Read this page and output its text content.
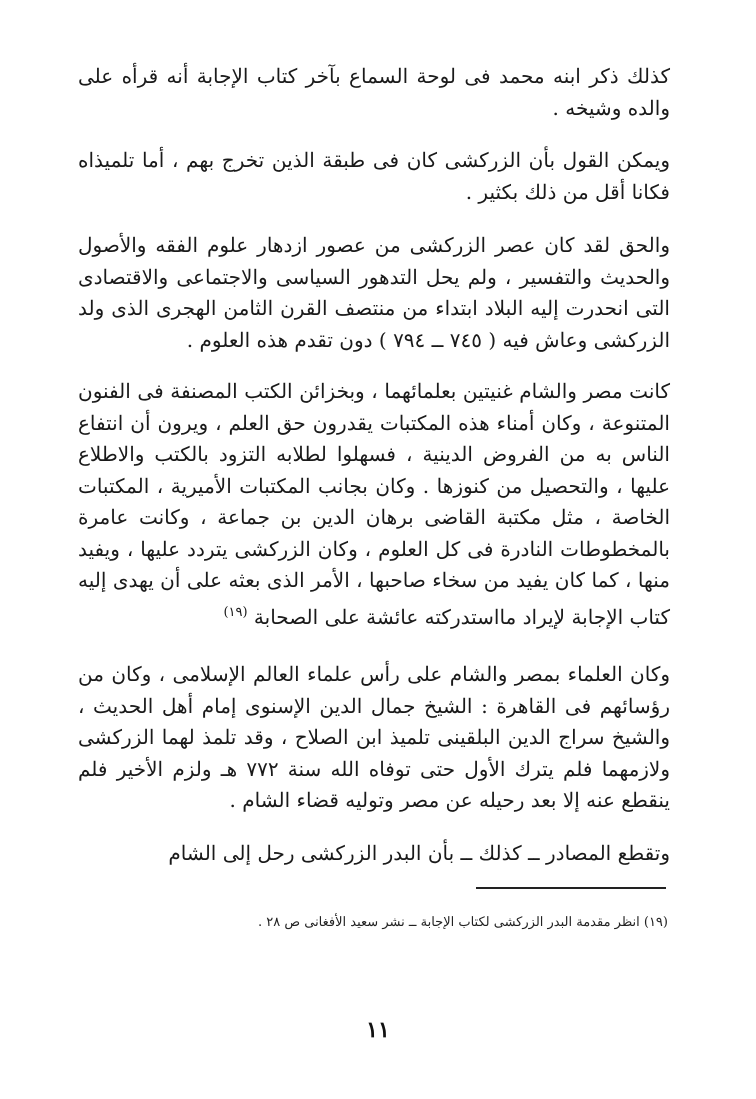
كذلك ذكر ابنه محمد فى لوحة السماع بآخر كتاب الإجابة أنه قرأه على والده وشيخه .

ويمكن القول بأن الزركشى كان فى طبقة الذين تخرج بهم ، أما تلميذاه فكانا أقل من ذلك بكثير .

والحق لقد كان عصر الزركشى من عصور ازدهار علوم الفقه والأصول والحديث والتفسير ، ولم يحل التدهور السياسى والاجتماعى والاقتصادى التى انحدرت إليه البلاد ابتداء من منتصف القرن الثامن الهجرى الذى ولد الزركشى وعاش فيه ( ٧٤٥ ــ ٧٩٤ ) دون تقدم هذه العلوم .

كانت مصر والشام غنيتين بعلمائهما ، وبخزائن الكتب المصنفة فى الفنون المتنوعة ، وكان أمناء هذه المكتبات يقدرون حق العلم ، ويرون أن انتفاع الناس به من الفروض الدينية ، فسهلوا لطلابه التزود بالكتب والاطلاع عليها ، والتحصيل من كنوزها . وكان بجانب المكتبات الأميرية ، المكتبات الخاصة ، مثل مكتبة القاضى برهان الدين بن جماعة ، وكانت عامرة بالمخطوطات النادرة فى كل العلوم ، وكان الزركشى يتردد عليها ، ويفيد منها ، كما كان يفيد من سخاء صاحبها ، الأمر الذى بعثه على أن يهدى إليه كتاب الإجابة لإيراد مااستدركته عائشة على الصحابة $^{(١٩)}$

وكان العلماء بمصر والشام على رأس علماء العالم الإسلامى ، وكان من رؤسائهم فى القاهرة : الشيخ جمال الدين الإسنوى إمام أهل الحديث ، والشيخ سراج الدين البلقينى تلميذ ابن الصلاح ، وقد تلمذ لهما الزركشى ولازمهما فلم يترك الأول حتى توفاه الله سنة ٧٧٢ هـ ولزم الأخير فلم ينقطع عنه إلا بعد رحيله عن مصر وتوليه قضاء الشام .

وتقطع المصادر ــ كذلك ــ بأن البدر الزركشى رحل إلى الشام

(١٩) انظر مقدمة البدر الزركشى لكتاب الإجابة ــ نشر سعيد الأفغانى ص ٢٨ .

١١
